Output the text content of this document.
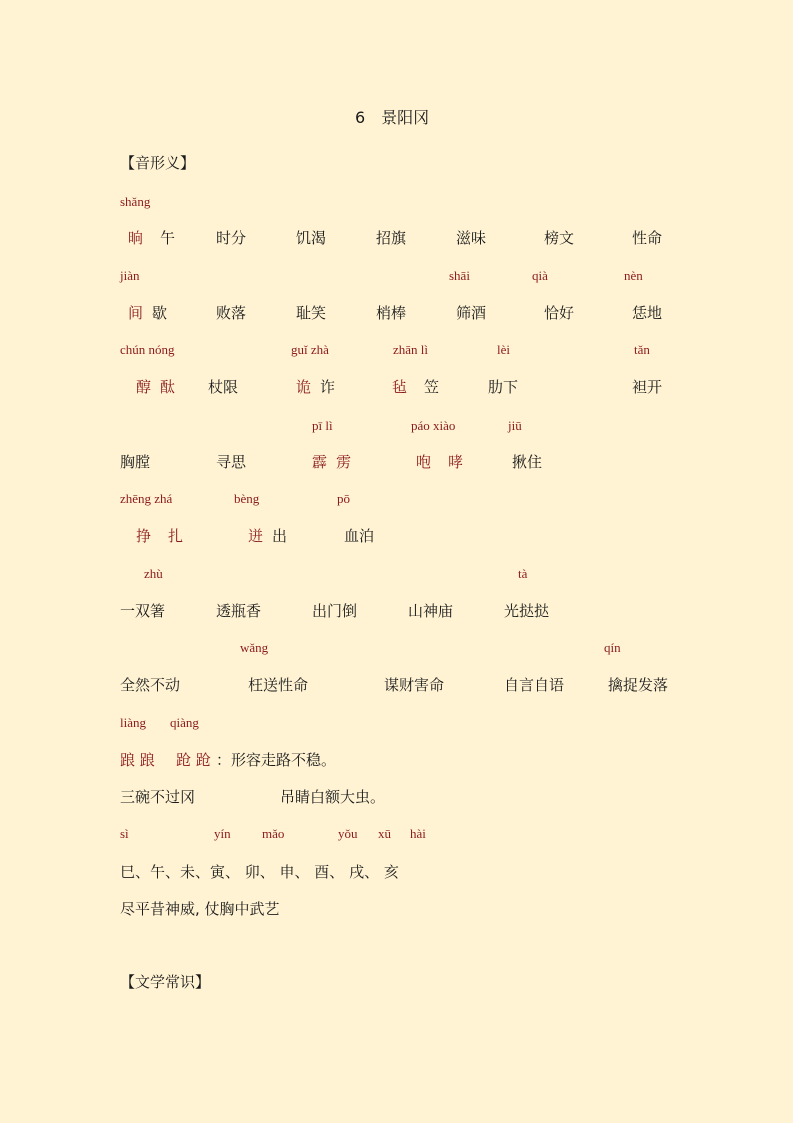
6　景阳冈
【音形义】
shǎng
晌 午	时分	饥渴	招旗	滋味	榜文	性命
jiàn	shāi	qià	nèn
间 歇	败落	耻笑	梢棒	筛酒	恰好	恁地
chún nóng	guǐ zhà	zhān lì	lèi	tǎn
醇 酞 杖限	诡 诈	毡 笠	肋下	袒开
pī lì	páo xiào	jiū
胸膛	寻思	霹 雳	咆 哮	揪住
zhēng zhá	bèng	pō
挣 扎	迸 出	血泊
zhù	tà
一双箸	透瓶香	出门倒	山神庙	光挞挞
wǎng	qín
全然不动	枉送性命	谋财害命	自言自语	擒捉发落
liàng qiàng
踉 踉 跄 跄 ：形容走路不稳。
三碗不过冈	吊睛白额大虫。
sì	yín mǎo	yǒu xū hài
巳、午、未、寅、 卯、 申、 酉、 戌、 亥
尽平昔神威, 仗胸中武艺
【文学常识】
